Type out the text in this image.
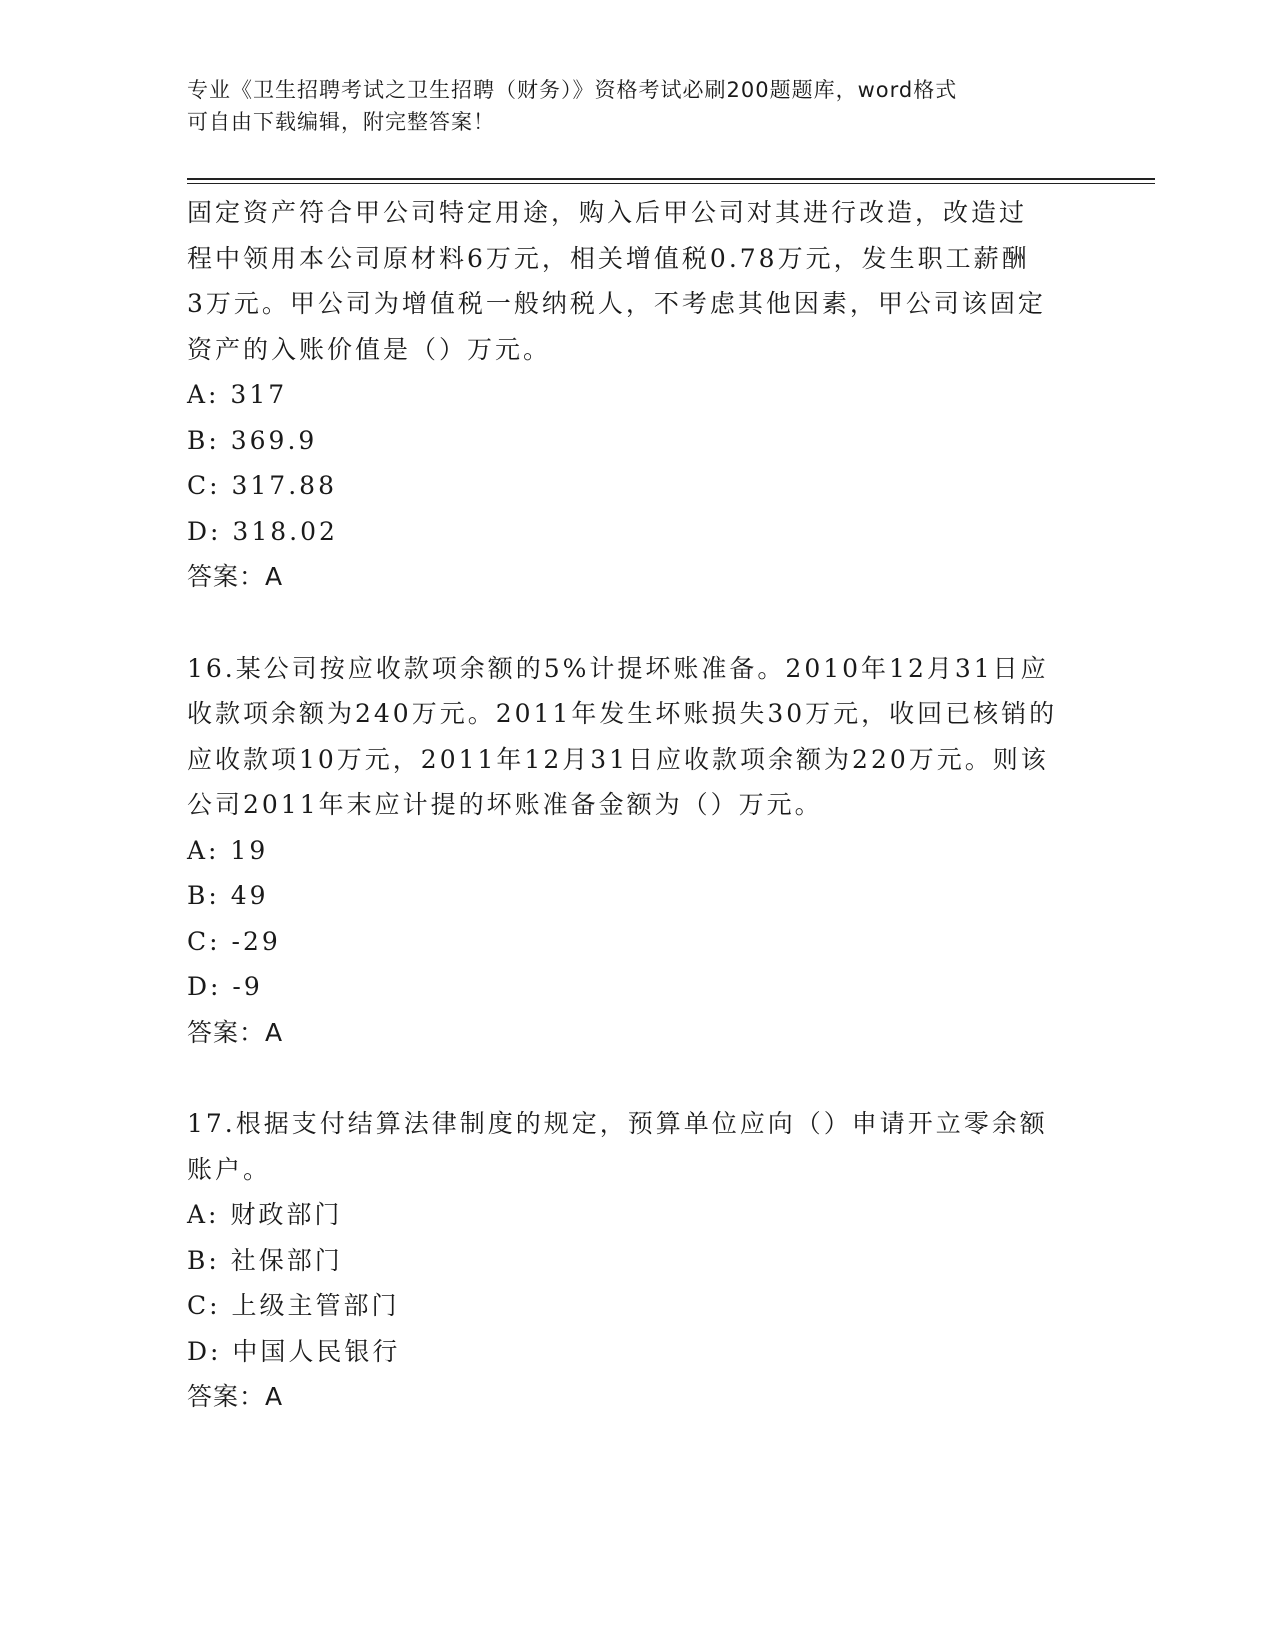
专业《卫生招聘考试之卫生招聘（财务）》资格考试必刷200题题库，word格式
可自由下载编辑，附完整答案！
固定资产符合甲公司特定用途，购入后甲公司对其进行改造，改造过
程中领用本公司原材料6万元，相关增值税0.78万元，发生职工薪酬
3万元。甲公司为增值税一般纳税人，不考虑其他因素，甲公司该固定
资产的入账价值是（）万元。
A: 317
B: 369.9
C: 317.88
D: 318.02
答案：A
16.某公司按应收款项余额的5%计提坏账准备。2010年12月31日应
收款项余额为240万元。2011年发生坏账损失30万元，收回已核销的
应收款项10万元，2011年12月31日应收款项余额为220万元。则该
公司2011年末应计提的坏账准备金额为（）万元。
A: 19
B: 49
C: -29
D: -9
答案：A
17.根据支付结算法律制度的规定，预算单位应向（）申请开立零余额
账户。
A: 财政部门
B: 社保部门
C: 上级主管部门
D: 中国人民银行
答案：A
